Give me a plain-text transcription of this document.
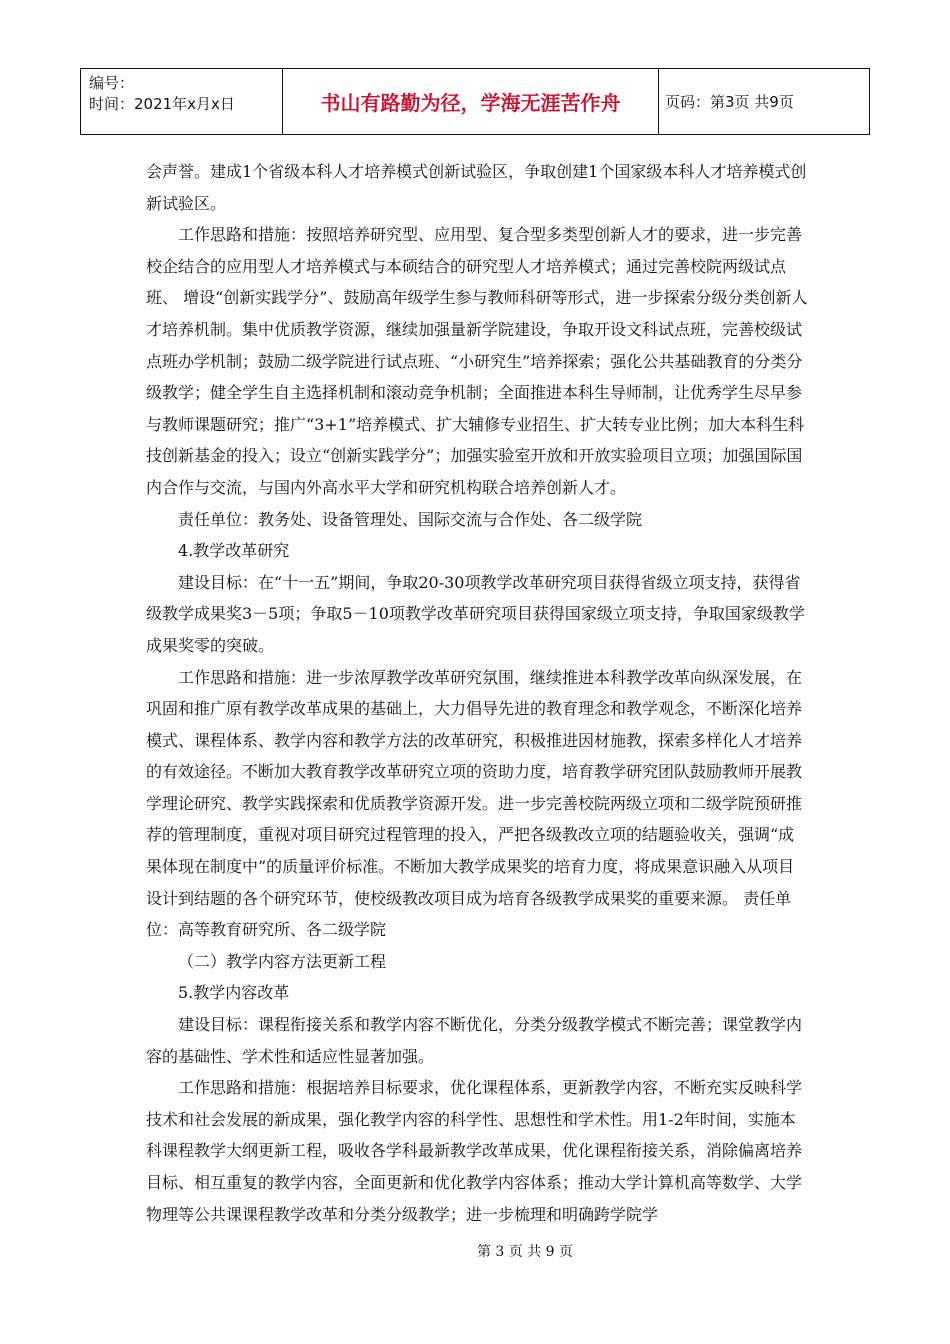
编号：
时间：2021年x月x日	书山有路勤为径，学海无涯苦作舟	页码：第3页 共9页

会声誉。建成1个省级本科人才培养模式创新试验区，争取创建1个国家级本科人才培养模式创新试验区。

工作思路和措施：按照培养研究型、应用型、复合型多类型创新人才的要求，进一步完善校企结合的应用型人才培养模式与本硕结合的研究型人才培养模式；通过完善校院两级试点班、 增设“创新实践学分”、鼓励高年级学生参与教师科研等形式，进一步探索分级分类创新人才培养机制。集中优质教学资源，继续加强量新学院建设，争取开设文科试点班，完善校级试点班办学机制；鼓励二级学院进行试点班、“小研究生”培养探索；强化公共基础教育的分类分级教学；健全学生自主选择机制和滚动竞争机制；全面推进本科生导师制，让优秀学生尽早参与教师课题研究；推广“3+1”培养模式、扩大辅修专业招生、扩大转专业比例；加大本科生科技创新基金的投入；设立“创新实践学分”；加强实验室开放和开放实验项目立项；加强国际国内合作与交流，与国内外高水平大学和研究机构联合培养创新人才。

责任单位：教务处、设备管理处、国际交流与合作处、各二级学院

4.教学改革研究

建设目标：在“十一五”期间，争取20-30项教学改革研究项目获得省级立项支持，获得省级教学成果奖3－5项；争取5－10项教学改革研究项目获得国家级立项支持，争取国家级教学成果奖零的突破。

工作思路和措施：进一步浓厚教学改革研究氛围，继续推进本科教学改革向纵深发展，在巩固和推广原有教学改革成果的基础上，大力倡导先进的教育理念和教学观念，不断深化培养模式、课程体系、教学内容和教学方法的改革研究，积极推进因材施教，探索多样化人才培养的有效途径。不断加大教育教学改革研究立项的资助力度，培育教学研究团队鼓励教师开展教学理论研究、教学实践探索和优质教学资源开发。进一步完善校院两级立项和二级学院预研推荐的管理制度，重视对项目研究过程管理的投入，严把各级教改立项的结题验收关，强调“成果体现在制度中”的质量评价标准。不断加大教学成果奖的培育力度，将成果意识融入从项目设计到结题的各个研究环节，使校级教改项目成为培育各级教学成果奖的重要来源。 责任单位：高等教育研究所、各二级学院

（二）教学内容方法更新工程

5.教学内容改革

建设目标：课程衔接关系和教学内容不断优化，分类分级教学模式不断完善；课堂教学内容的基础性、学术性和适应性显著加强。

工作思路和措施：根据培养目标要求，优化课程体系，更新教学内容，不断充实反映科学技术和社会发展的新成果，强化教学内容的科学性、思想性和学术性。用1-2年时间，实施本科课程教学大纲更新工程，吸收各学科最新教学改革成果，优化课程衔接关系，消除偏离培养目标、相互重复的教学内容，全面更新和优化教学内容体系；推动大学计算机高等数学、大学物理等公共课课程教学改革和分类分级教学；进一步梳理和明确跨学院学

第 3 页 共 9 页
